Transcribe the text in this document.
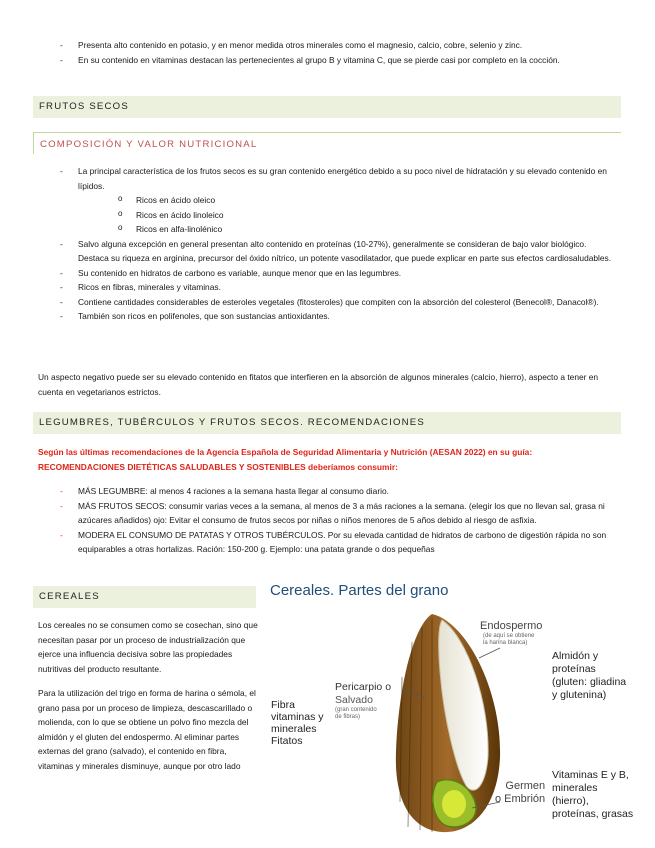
- Presenta alto contenido en potasio, y en menor medida otros minerales como el magnesio, calcio, cobre, selenio y zinc.
- En su contenido en vitaminas destacan las pertenecientes al grupo B y vitamina C, que se pierde casi por completo en la cocción.
FRUTOS SECOS
COMPOSICIÓN Y VALOR NUTRICIONAL
- La principal característica de los frutos secos es su gran contenido energético debido a su poco nivel de hidratación y su elevado contenido en lípidos.
o Ricos en ácido oleico
o Ricos en ácido linoleico
o Ricos en alfa-linolénico
- Salvo alguna excepción en general presentan alto contenido en proteínas (10-27%), generalmente se consideran de bajo valor biológico. Destaca su riqueza en arginina, precursor del óxido nítrico, un potente vasodilatador, que puede explicar en parte sus efectos cardiosaludables.
- Su contenido en hidratos de carbono es variable, aunque menor que en las legumbres.
- Ricos en fibras, minerales y vitaminas.
- Contiene cantidades considerables de esteroles vegetales (fitosteroles) que compiten con la absorción del colesterol (Benecol®, Danacol®).
- También son ricos en polifenoles, que son sustancias antioxidantes.

Un aspecto negativo puede ser su elevado contenido en fitatos que interfieren en la absorción de algunos minerales (calcio, hierro), aspecto a tener en cuenta en vegetarianos estrictos.

LEGUMBRES, TUBÉRCULOS Y FRUTOS SECOS. RECOMENDACIONES

Según las últimas recomendaciones de la Agencia Española de Seguridad Alimentaria y Nutrición (AESAN 2022) en su guía: RECOMENDACIONES DIETÉTICAS SALUDABLES Y SOSTENIBLES deberíamos consumir:

- MÁS LEGUMBRE: al menos 4 raciones a la semana hasta llegar al consumo diario.
- MÁS FRUTOS SECOS: consumir varias veces a la semana, al menos de 3 a más raciones a la semana. (elegir los que no llevan sal, grasa ni azúcares añadidos) ojo: Evitar el consumo de frutos secos por niñas o niños menores de 5 años debido al riesgo de asfixia.
- MODERA EL CONSUMO DE PATATAS Y OTROS TUBÉRCULOS. Por su elevada cantidad de hidratos de carbono de digestión rápida no son equiparables a otras hortalizas. Ración: 150-200 g. Ejemplo: una patata grande o dos pequeñas
CEREALES

Los cereales no se consumen como se cosechan, sino que necesitan pasar por un proceso de industrialización que ejerce una influencia decisiva sobre las propiedades nutritivas del producto resultante.

Para la utilización del trigo en forma de harina o sémola, el grano pasa por un proceso de limpieza, descascarillado o molienda, con lo que se obtiene un polvo fino mezcla del almidón y el gluten del endospermo. Al eliminar partes externas del grano (salvado), el contenido en fibra, vitaminas y minerales disminuye, aunque por otro lado

Cereales. Partes del grano
Endospermo
(de aquí se obtiene
la harina blanca)
Almidón y
proteínas
(gluten: gliadina
y glutenina)
Pericarpio o
Salvado
(gran contenido
de fibras)
Fibra
vitaminas y
minerales
Fitatos
Germen
o Embrión
Vitaminas E y B,
minerales
(hierro),
proteínas, grasas
